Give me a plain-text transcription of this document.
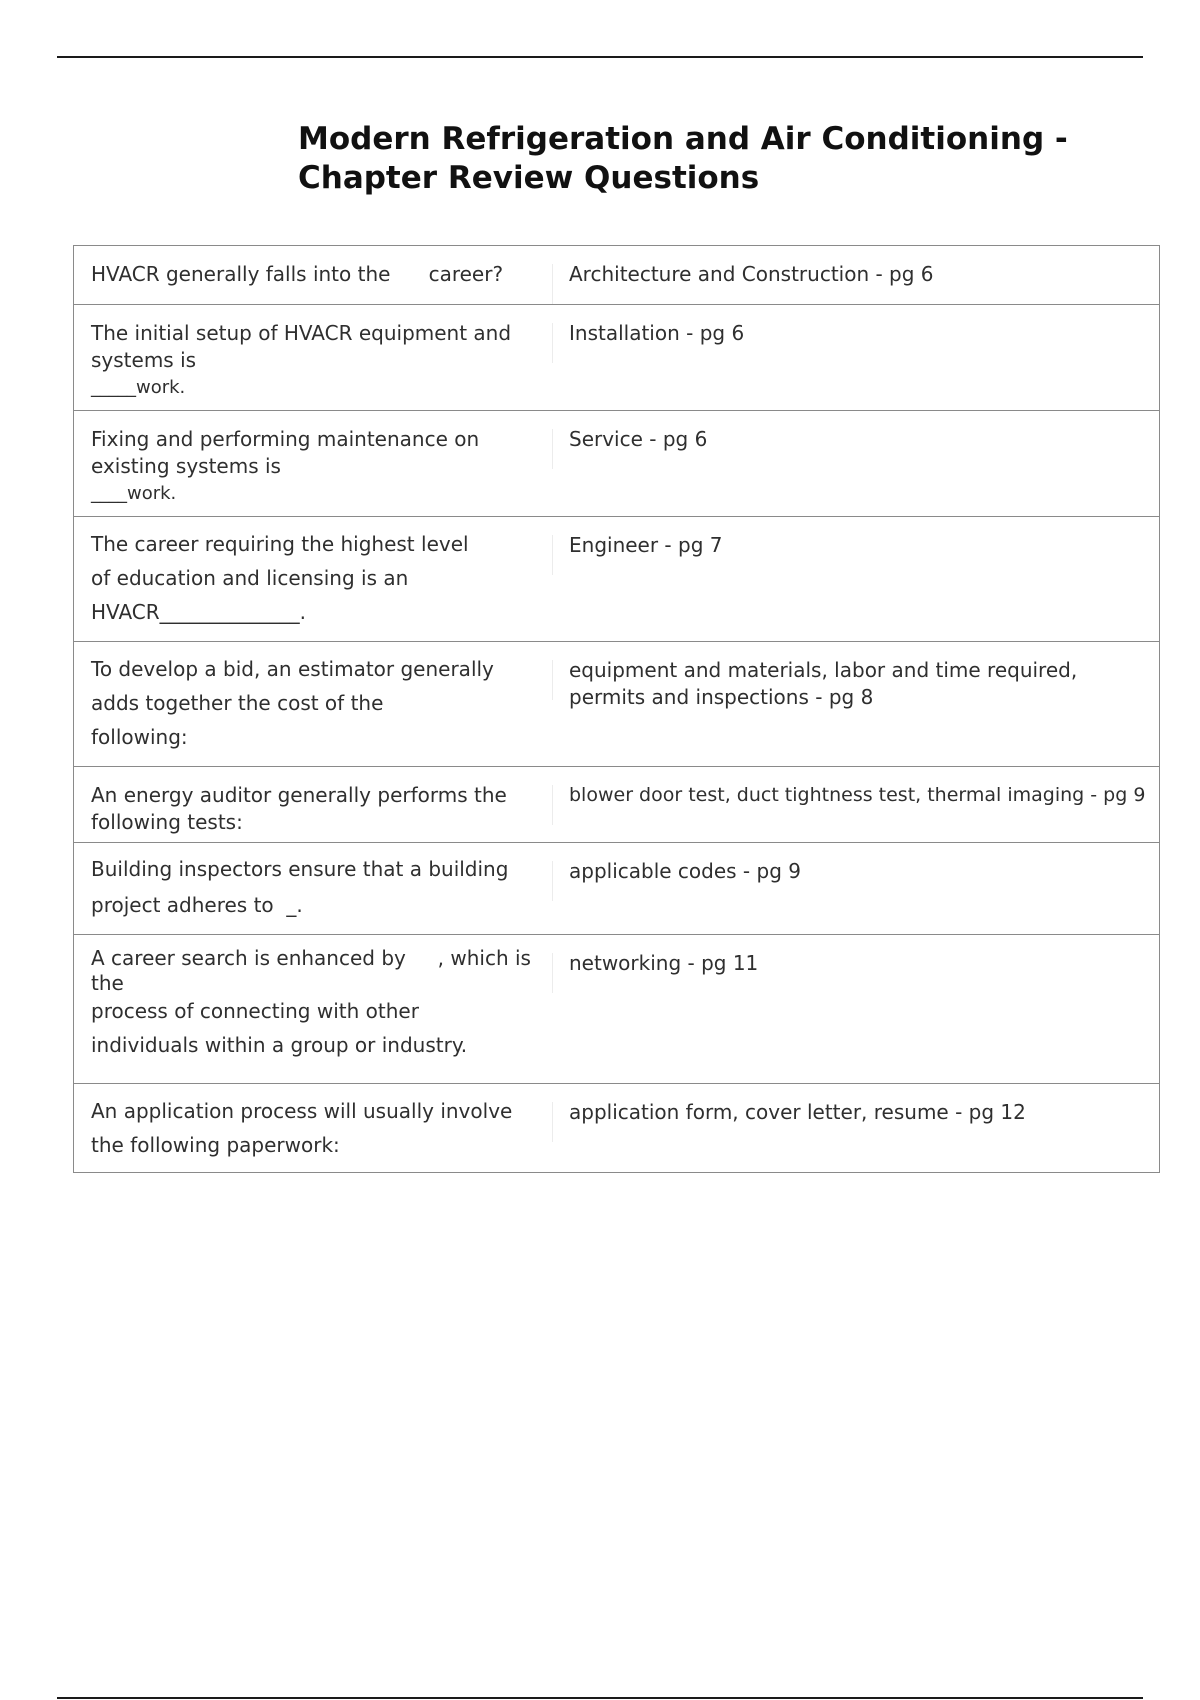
Modern Refrigeration and Air Conditioning - Chapter Review Questions
HVACR generally falls into the      career?	Architecture and Construction - pg 6

The initial setup of HVACR equipment and
systems is
_____work.	Installation - pg 6

Fixing and performing maintenance on
existing systems is
____work.	Service - pg 6

The career requiring the highest level
of education and licensing is an
HVACR______________.	Engineer - pg 7

To develop a bid, an estimator generally
adds together the cost of the
following:	equipment and materials, labor and time required, permits and inspections - pg 8

An energy auditor generally performs the
following tests:	blower door test, duct tightness test, thermal imaging - pg 9

Building inspectors ensure that a building
project adheres to  _.	applicable codes - pg 9

A career search is enhanced by     , which is
the
process of connecting with other
individuals within a group or industry.	networking - pg 11

An application process will usually involve
the following paperwork:	application form, cover letter, resume - pg 12
